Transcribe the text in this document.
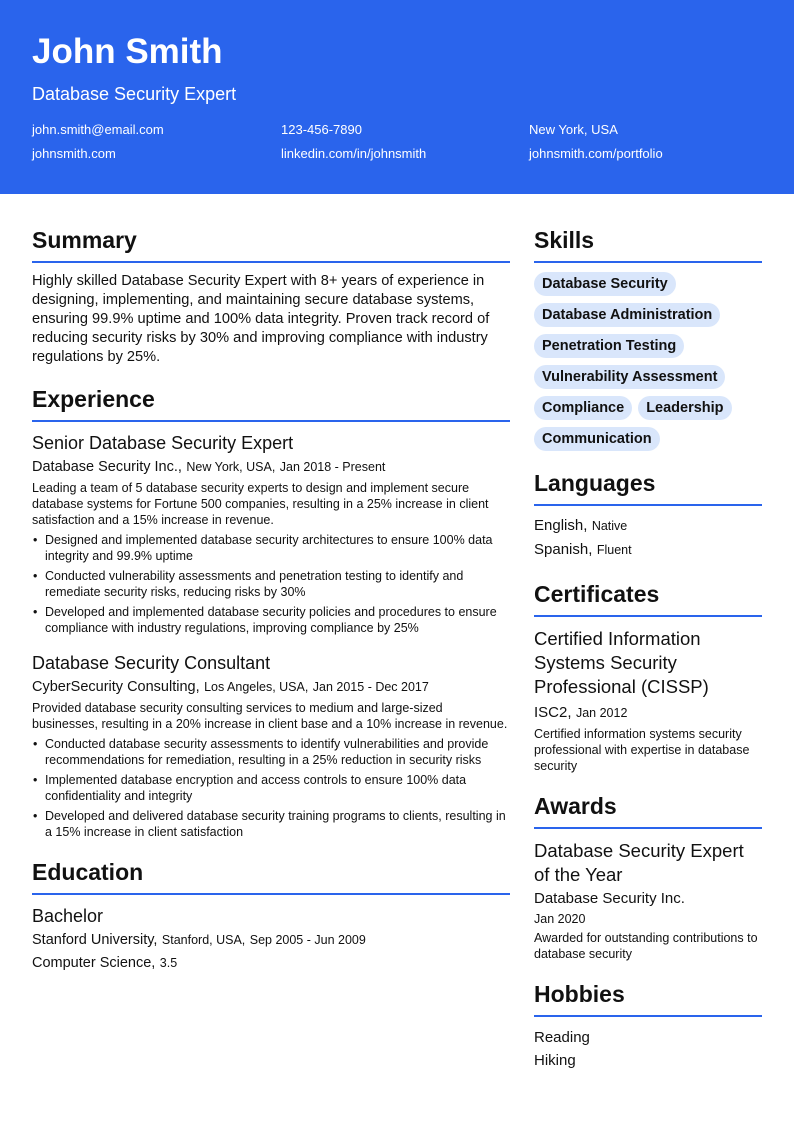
John Smith
Database Security Expert
john.smith@email.com	123-456-7890	New York, USA
johnsmith.com	linkedin.com/in/johnsmith	johnsmith.com/portfolio
Summary
Highly skilled Database Security Expert with 8+ years of experience in designing, implementing, and maintaining secure database systems, ensuring 99.9% uptime and 100% data integrity. Proven track record of reducing security risks by 30% and improving compliance with industry regulations by 25%.
Experience
Senior Database Security Expert
Database Security Inc., New York, USA, Jan 2018 - Present
Leading a team of 5 database security experts to design and implement secure database systems for Fortune 500 companies, resulting in a 25% increase in client satisfaction and a 15% increase in revenue.
• Designed and implemented database security architectures to ensure 100% data integrity and 99.9% uptime
• Conducted vulnerability assessments and penetration testing to identify and remediate security risks, reducing risks by 30%
• Developed and implemented database security policies and procedures to ensure compliance with industry regulations, improving compliance by 25%
Database Security Consultant
CyberSecurity Consulting, Los Angeles, USA, Jan 2015 - Dec 2017
Provided database security consulting services to medium and large-sized businesses, resulting in a 20% increase in client base and a 10% increase in revenue.
• Conducted database security assessments to identify vulnerabilities and provide recommendations for remediation, resulting in a 25% reduction in security risks
• Implemented database encryption and access controls to ensure 100% data confidentiality and integrity
• Developed and delivered database security training programs to clients, resulting in a 15% increase in client satisfaction
Education
Bachelor
Stanford University, Stanford, USA, Sep 2005 - Jun 2009
Computer Science, 3.5
Skills
Database Security
Database Administration
Penetration Testing
Vulnerability Assessment
Compliance	Leadership
Communication
Languages
English, Native
Spanish, Fluent
Certificates
Certified Information Systems Security Professional (CISSP)
ISC2, Jan 2012
Certified information systems security professional with expertise in database security
Awards
Database Security Expert of the Year
Database Security Inc.
Jan 2020
Awarded for outstanding contributions to database security
Hobbies
Reading
Hiking
